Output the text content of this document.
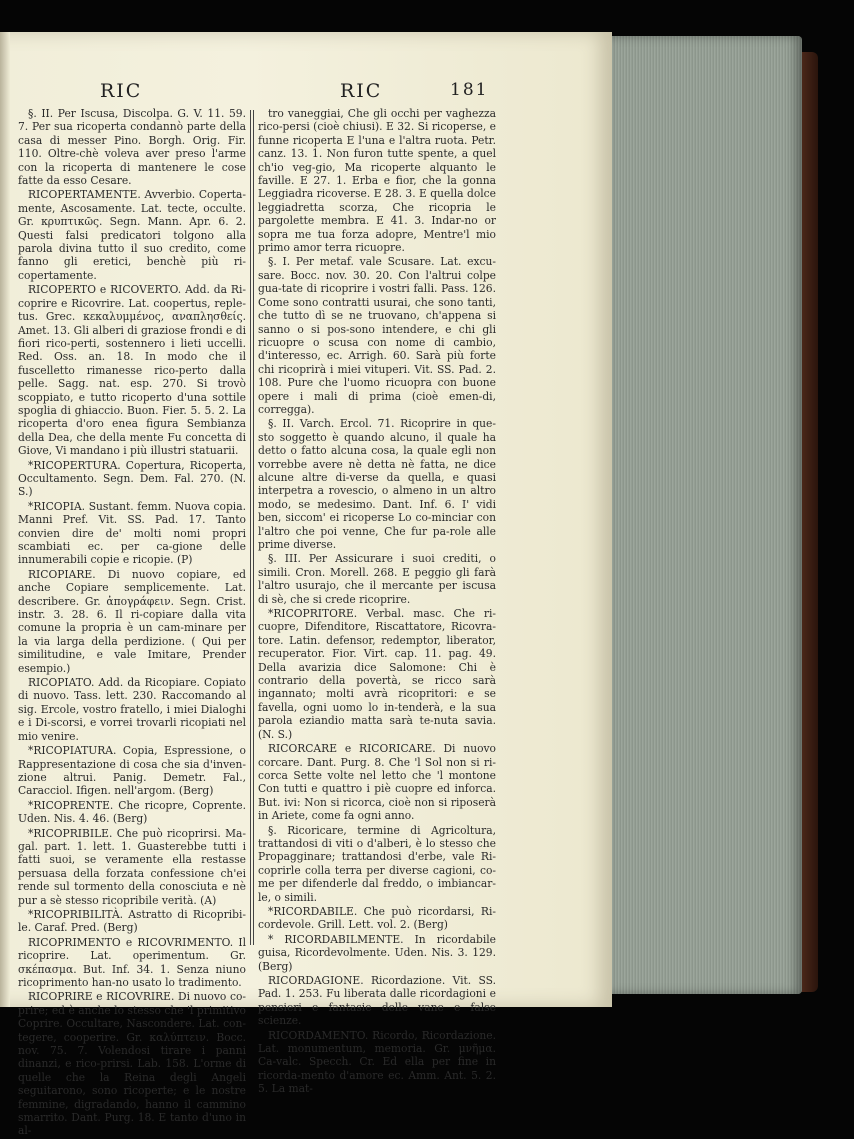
RIC	RIC	181

§. II. Per Iscusa, Discolpa. G. V. 11. 59. 7. Per sua ricoperta condannò parte della casa di messer Pino. Borgh. Orig. Fir. 110. Oltre-chè voleva aver preso l'arme con la ricoperta di mantenere le cose fatte da esso Cesare.

RICOPERTAMENTE. Avverbio. Coperta-mente, Ascosamente. Lat. tecte, occulte. Gr. κρυπτικῶς. Segn. Mann. Apr. 6. 2. Questi falsi predicatori tolgono alla parola divina tutto il suo credito, come fanno gli eretici, benchè più ri-copertamente.

RICOPERTO e RICOVERTO. Add. da Ri-coprire e Ricovrire. Lat. coopertus, reple-tus. Grec. κεκαλυμμένος, αναπλησθείς. Amet. 13. Gli alberi di graziose frondi e di fiori rico-perti, sostennero i lieti uccelli. Red. Oss. an. 18. In modo che il fuscelletto rimanesse rico-perto dalla pelle. Sagg. nat. esp. 270. Si trovò scoppiato, e tutto ricoperto d'una sottile spoglia di ghiaccio. Buon. Fier. 5. 5. 2. La ricoperta d'oro enea figura Sembianza della Dea, che della mente Fu concetta di Giove, Vi mandano i più illustri statuarii.

*RICOPERTURA. Copertura, Ricoperta, Occultamento. Segn. Dem. Fal. 270. (N. S.)

*RICOPIA. Sustant. femm. Nuova copia. Manni Pref. Vit. SS. Pad. 17. Tanto convien dire de' molti nomi propri scambiati ec. per ca-gione delle innumerabili copie e ricopie. (P)

RICOPIARE. Di nuovo copiare, ed anche Copiare semplicemente. Lat. describere. Gr. ἀπογράφειν. Segn. Crist. instr. 3. 28. 6. Il ri-copiare dalla vita comune la propria è un cam-minare per la via larga della perdizione. ( Qui per similitudine, e vale Imitare, Prender esempio.)

RICOPIATO. Add. da Ricopiare. Copiato di nuovo. Tass. lett. 230. Raccomando al sig. Ercole, vostro fratello, i miei Dialoghi e i Di-scorsi, e vorrei trovarli ricopiati nel mio venire.

*RICOPIATURA. Copia, Espressione, o Rappresentazione di cosa che sia d'inven-zione altrui. Panig. Demetr. Fal., Caracciol. Ifigen. nell'argom. (Berg)

*RICOPRENTE. Che ricopre, Coprente. Uden. Nis. 4. 46. (Berg)

*RICOPRIBILE. Che può ricoprirsi. Ma-gal. part. 1. lett. 1. Guasterebbe tutti i fatti suoi, se veramente ella restasse persuasa della forzata confessione ch'ei rende sul tormento della conosciuta e nè pur a sè stesso ricopribile verità. (A)

*RICOPRIBILITÀ. Astratto di Ricopribi-le. Caraf. Pred. (Berg)

RICOPRIMENTO e RICOVRIMENTO. Il ricoprire. Lat. operimentum. Gr. σκέπασμα. But. Inf. 34. 1. Senza niuno ricoprimento han-no usato lo tradimento.

RICOPRIRE e RICOVRIRE. Di nuovo co-prire; ed è anche lo stesso che 'l primitivo Coprire. Occultare, Nascondere. Lat. con-tegere, cooperire. Gr. καλύπτειν. Bocc. nov. 75. 7. Volendosi tirare i panni dinanzi, e rico-prirsi. Lab. 158. L'orme di quelle che la Reina degli Angeli seguitarono, sono ricoperte; e le nostre femmine, digradando, hanno il cammino smarrito. Dant. Purg. 18. E tanto d'uno in al-

tro vaneggiai, Che gli occhi per vaghezza rico-persi (cioè chiusi). E 32. Si ricoperse, e funne ricoperta E l'una e l'altra ruota. Petr. canz. 13. 1. Non furon tutte spente, a quel ch'io veg-gio, Ma ricoperte alquanto le faville. E 27. 1. Erba e fior, che la gonna Leggiadra ricoverse. E 28. 3. E quella dolce leggiadretta scorza, Che ricopria le pargolette membra. E 41. 3. Indar-no or sopra me tua forza adopre, Mentre'l mio primo amor terra ricuopre.

§. I. Per metaf. vale Scusare. Lat. excu-sare. Bocc. nov. 30. 20. Con l'altrui colpe gua-tate di ricoprire i vostri falli. Pass. 126. Come sono contratti usurai, che sono tanti, che tutto dì se ne truovano, ch'appena si sanno o si pos-sono intendere, e chi gli ricuopre o scusa con nome di cambio, d'interesso, ec. Arrigh. 60. Sarà più forte chi ricoprirà i miei vituperi. Vit. SS. Pad. 2. 108. Pure che l'uomo ricuopra con buone opere i mali di prima (cioè emen-di, corregga).

§. II. Varch. Ercol. 71. Ricoprire in que-sto soggetto è quando alcuno, il quale ha detto o fatto alcuna cosa, la quale egli non vorrebbe avere nè detta nè fatta, ne dice alcune altre di-verse da quella, e quasi interpetra a rovescio, o almeno in un altro modo, se medesimo. Dant. Inf. 6. I' vidi ben, siccom' ei ricoperse Lo co-minciar con l'altro che poi venne, Che fur pa-role alle prime diverse.

§. III. Per Assicurare i suoi crediti, o simili. Cron. Morell. 268. E peggio gli farà l'altro usurajo, che il mercante per iscusa di sè, che si crede ricoprire.

*RICOPRITORE. Verbal. masc. Che ri-cuopre, Difenditore, Riscattatore, Ricovra-tore. Latin. defensor, redemptor, liberator, recuperator. Fior. Virt. cap. 11. pag. 49. Della avarizia dice Salomone: Chi è contrario della povertà, se ricco sarà ingannato; molti avrà ricopritori: e se favella, ogni uomo lo in-tenderà, e la sua parola eziandio matta sarà te-nuta savia. (N. S.)

RICORCARE e RICORICARE. Di nuovo corcare. Dant. Purg. 8. Che 'l Sol non si ri-corca Sette volte nel letto che 'l montone Con tutti e quattro i piè cuopre ed inforca. But. ivi: Non si ricorca, cioè non si riposerà in Ariete, come fa ogni anno.

§. Ricoricare, termine di Agricoltura, trattandosi di viti o d'alberi, è lo stesso che Propagginare; trattandosi d'erbe, vale Ri-coprirle colla terra per diverse cagioni, co-me per difenderle dal freddo, o imbiancar-le, o simili.

*RICORDABILE. Che può ricordarsi, Ri-cordevole. Grill. Lett. vol. 2. (Berg)

* RICORDABILMENTE. In ricordabile guisa, Ricordevolmente. Uden. Nis. 3. 129. (Berg)

RICORDAGIONE. Ricordazione. Vit. SS. Pad. 1. 253. Fu liberata dalle ricordagioni e pensieri e fantasie delle vane e false scienze.

RICORDAMENTO. Ricordo, Ricordazione. Lat. monumentum, memoria. Gr. μνῆμα. Ca-valc. Specch. Cr. Ed ella per fine in ricorda-mento d'amore ec. Amm. Ant. 5. 2. 5. La mat-
